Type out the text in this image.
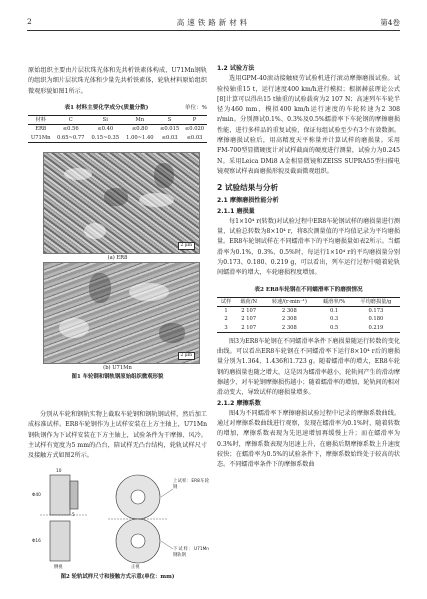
2	高速铁路新材料	第4卷

原始组织主要由片层状珠光体和先共析铁素体构成，U71Mn钢轨的组织为细片层状珠光体和少量先共析铁素体，轮轨材料原始组织微观形貌如图1所示。

表1 材料主要化学成分(质量分数)	单位：%
材料	C	Si	Mn	S	P
ER8	≤0.56	≤0.40	≤0.80	≤0.015	≤0.020
U71Mn	0.65~0.77	0.15~0.35	1.00~1.40	≤0.03	≤0.03
2 μm
(a) ER8
2 μm
(b) U71Mn
图1 车轮钢和钢轨钢原始组织微观形貌

分别从车轮和钢轨实物上截取车轮钢和钢轨钢试样，然后加工成标准试样。ER8车轮钢作为上试样安装在上方主轴上，U71Mn钢轨钢作为下试样安装在下方主轴上，试验条件为干摩擦、风冷。主试样有宽度为5 mm的凸台，陪试样无凸台结构，轮轨试样尺寸及接触方式如图2所示。

Φ40
Φ16
10
5
上试样：ER8车轮钢
下试样：U71Mn钢轨钢
侧视	正视
图2 轮轨试样尺寸和接触方式示意(单位：mm)

1.2 试验方法

选用GPM-40滚动接触疲劳试验机进行滚动摩擦磨损试验。试验按轴重15 t，运行速度400 km/h进行模拟；根据赫兹理论公式[8]计算可以得出15 t轴重的试验载荷为2 107 N；高速列车车轮半径为460 mm，模拟400 km/h运行速度的车轮转速为2 308 r/min。分别测试0.1%、0.3%及0.5%蠕滑率下车轮钢的摩擦磨损性能，进行多样品的重复试验，保证每组试验至少有3个有效数据。摩擦磨损试验后，用高精度天平称量并计算试样的磨损量。采用FM-700型显微硬度计对试样截面的硬度进行测量，试验力为0.245 N。采用Leica DMi8 A金相显微镜和ZEISS SUPRA55型扫描电镜观察试样表面磨损形貌及截面微观组织。

2 试验结果与分析

2.1 摩擦磨损性能分析

2.1.1 磨损量

每1×10⁴ r(转数)对试验过程中ER8车轮钢试样的磨损量进行测量，试验总转数为8×10⁴ r，将8次测量值的平均值记录为平均磨损量。ER8车轮钢试样在不同蠕滑率下的平均磨损量如表2所示。当蠕滑率为0.1%、0.3%、0.5%时，每运行1×10⁴ r的平均磨损量分别为0.173、0.180、0.219 g，可以看出，列车运行过程中随着轮轨间蠕滑率的增大，车轮磨损程度增加。

表2 ER8车轮钢在不同蠕滑率下的磨损情况
试样	载荷/N	转速/(r·min⁻¹)	蠕滑率/%	平均磨损量/g
1	2 107	2 308	0.1	0.173
2	2 107	2 308	0.3	0.180
3	2 107	2 308	0.5	0.219

图3为ER8车轮钢在不同蠕滑率条件下磨损量随运行转数的变化曲线。可以看出ER8车轮钢在不同蠕滑率下运行8×10⁴ r后的磨损量分别为1.364、1.436和1.723 g。随着蠕滑率的增大，ER8车轮钢的磨损量也随之增大，这是因为蠕滑率越小，轮轨间产生的滑动摩擦越少，对车轮钢摩擦损伤越小；随着蠕滑率的增加，轮轨间的相对滑动变大，导致试样的磨损量增多。

2.1.2 摩擦系数

图4为不同蠕滑率下摩擦磨损试验过程中记录的摩擦系数曲线。通过对摩擦系数曲线进行观察，发现在蠕滑率为0.1%时，随着转数的增加，摩擦系数表现为先迅速增加再缓慢上升；而在蠕滑率为0.3%时，摩擦系数表现为迅速上升，在磨损后期摩擦系数上升速度较快；在蠕滑率为0.5%的试验条件下，摩擦系数始终处于较高的状态。不同蠕滑率条件下的摩擦系数曲
